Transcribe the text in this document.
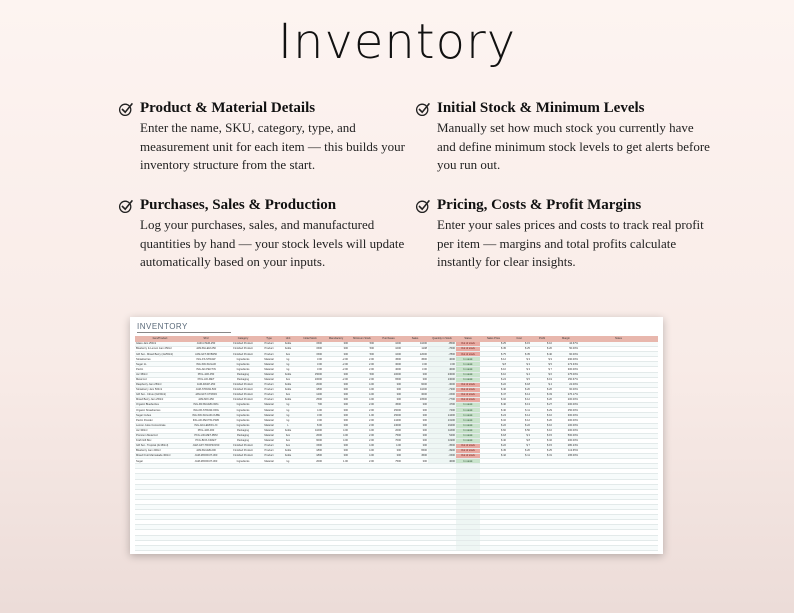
Inventory
Product & Material Details
Enter the name, SKU, category, type, and measurement unit for each item — this builds your inventory structure from the start.
Initial Stock & Minimum Levels
Manually set how much stock you currently have and define minimum stock levels to get alerts before you run out.
Purchases, Sales & Production
Log your purchases, sales, and manufactured quantities by hand — your stock levels will update automatically based on your inputs.
Pricing, Costs & Profit Margins
Enter your sales prices and costs to track real profit per item — margins and total profits calculate instantly for clear insights.
INVENTORY
Item/Product	SKU	Category	Type	Unit	Initial Stock	Manufactory	Minimum Stock	Purchases	Sales	Quantity in Stock	Status	Sales Price	Cost	Profit	Margin	Notes
Glass Jars 250ml	JAR-GTEM-250	Finished Product	Product	bottle	1500	300	500	1000	11000	-8500	Out of stock	$ 25	$ 15	$ 10	44.67%	
Blueberry & Lemon Jam 250ml	JAM-BLLEM-250	Finished Product	Product	bottle	1500	300	500	1000	1108	-7600	Out of stock	$ 45	$ 25	$ 20	50.00%	
Gift Set - Mixed Berry (4x250ml)	JAM-GFT-MXB250	Finished Product	Product	box	1500	300	500	1000	12000	-7800	Out of stock	$ 75	$ 35	$ 40	60.00%	
Strawberries	ING-FS-STRAW	Ingredients	Material	kg	3.00	-2.00	2.00	4500	4500	4000	In stock	$ 12	$ 3	$ 9	290.00%	
Sugar 1L	ING-SW-SUGAR	Ingredients	Material	kg	3.00	-2.00	2.00	3000	3.00	3.00	In stock	$ 8	$ 3	$ 5	273.33%	
Pectin	ING-AD-PECTIN	Ingredients	Material	kg	3.00	-2.00	2.00	4000	3.00	4000	In stock	$ 10	$ 3	$ 7	300.00%	
Jar 350ml	PKG-JAR-350	Packaging	Material	bottle	15000	300	500	10000	300	23000	In stock	$ 10	$ 4	$ 6	275.00%	
Metal Lid	PKG-LID-MET	Packaging	Material	box	10000	-2.00	2.00	6500	300	13000	In stock	$ 24	$ 5	$ 19	150.67%	
Raspberry Jam 250ml	JAM-RASP-250	Finished Product	Product	bottle	2000	300	4.00	300	6000	-3000	Out of stock	$ 22	$ 18	$ 4	22.00%	
Strawberry Jam 500ml	JAM-STRAW-500	Finished Product	Product	bottle	1800	300	4.00	300	11000	-7300	Out of stock	$ 46	$ 20	$ 26	60.00%	
Gift Set - Citrus (3x150ml)	JAM-GFT-CTR003	Finished Product	Product	box	1200	300	4.00	300	3000	-1500	Out of stock	$ 47	$ 14	$ 33	276.17%	
Mixed Berry Jam 250ml	JAM-MIX-250	Finished Product	Product	bottle	2500	300	4.00	300	10500	-7700	Out of stock	$ 32	$ 12	$ 20	200.00%	
Organic Blueberries	ING-FR-BLUEB-ORG	Ingredients	Material	kg	700	300	2.00	4500	300	4700	In stock	$ 40	$ 13	$ 27	200.00%	
Organic Strawberries	ING-FR-STRAW-ORG	Ingredients	Material	kg	4.00	300	2.00	15000	300	7400	In stock	$ 40	$ 11	$ 29	250.00%	
Sugar Cubes	ING-SW-SUGAR-CUBE	Ingredients	Material	kg	3.00	300	1.00	15000	300	14400	In stock	$ 24	$ 14	$ 10	300.00%	
Pectin Powder	ING-AD-PECTIN-PWD	Ingredients	Material	kg	3.00	300	2.00	14400	300	13100	In stock	$ 32	$ 12	$ 20	200.00%	
Lemon Juice Concentrate	ING-AD-LEMON-JC	Ingredients	Material	L	8.00	300	2.00	13000	300	19400	In stock	$ 22	$ 22	$ 10	100.00%	
Jar 300ml	PKG-JAR-300	Packaging	Material	bottle	11000	4.00	4.00	2000	300	11600	In stock	$ 60	$ 50	$ 10	200.00%	
Premium Metal Lid	PKG-LID-MET-PRM	Packaging	Material	box	2000	4.00	2.00	7500	300	5400	In stock	$ 18	$ 3	$ 15	500.00%	
Kraft Gift Box	PKG-BOX-KRAFT	Packaging	Material	box	6000	4.00	2.00	7000	300	11900	In stock	$ 40	$ 8	$ 32	200.00%	
Gift Set - Tropical (4x150ml)	JAM-GFT-TROP4X150	Finished Product	Product	box	1500	300	4.00	4.00	300	-3500	Out of stock	$ 22	$ 7	$ 15	280.23%	
Blueberry Jam 200ml	JAM-BLUEB-200	Finished Product	Product	bottle	1800	300	4.00	300	6500	-3900	Out of stock	$ 45	$ 20	$ 25	113.65%	
Mixed Fruit Marmalade 300ml	JAM-MXFRUIT-300	Finished Product	Product	bottle	1800	300	4.00	300	4500	-1500	Out of stock	$ 42	$ 11	$ 31	195.00%	
Sugar	JAM-MXFRUIT-303	Ingredients	Material	kg	2000	1.00	2.00	7500	300	4000	In stock					
